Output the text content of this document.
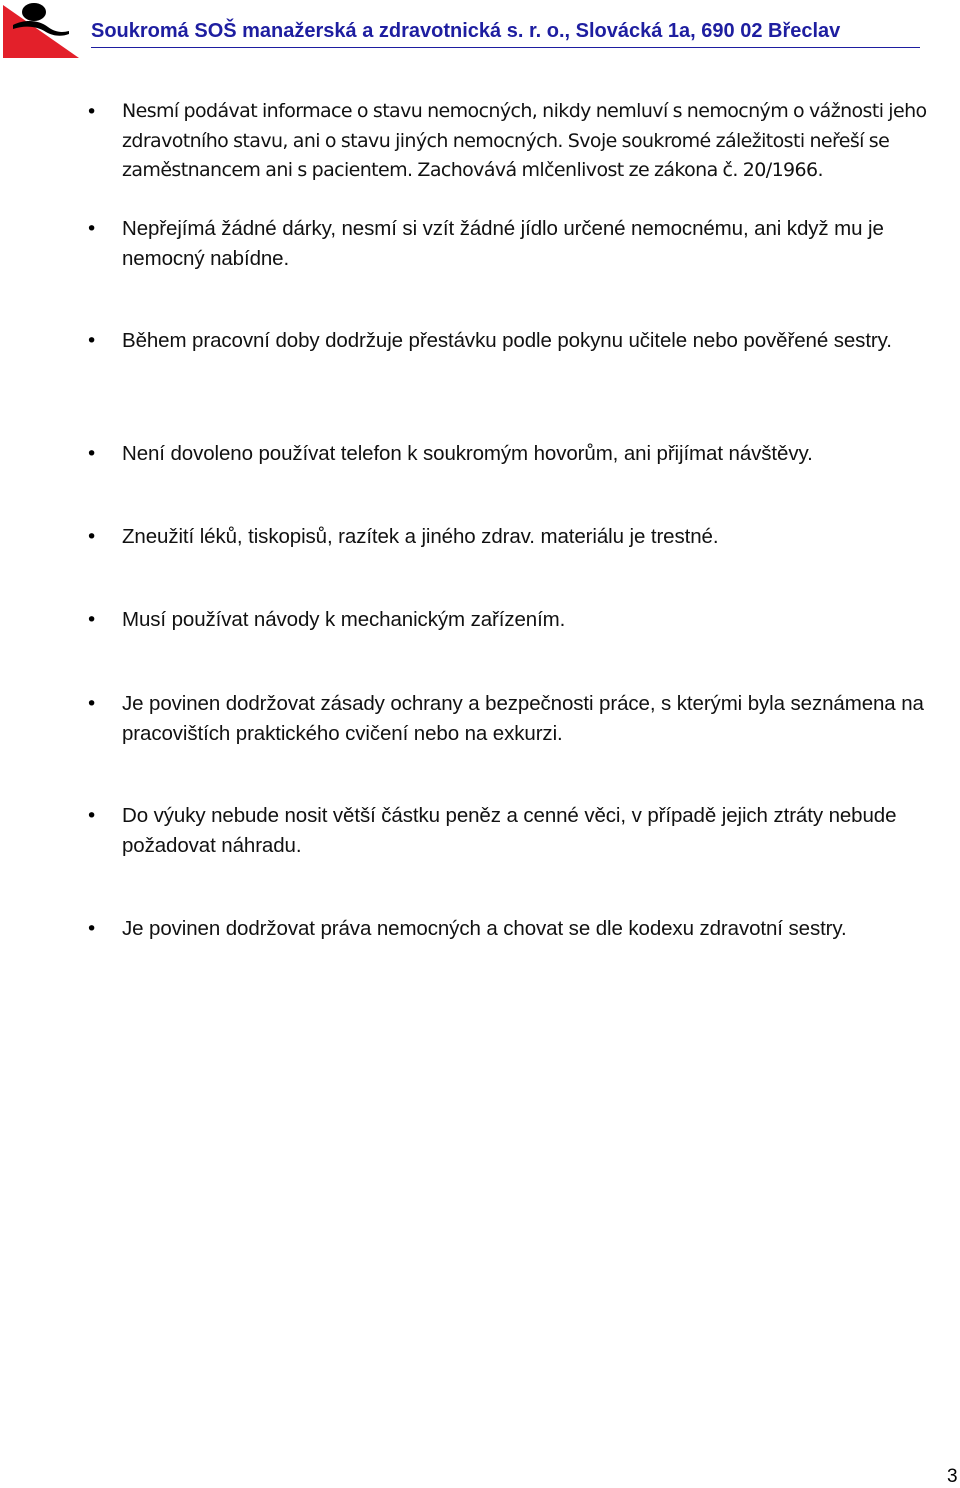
Soukromá SOŠ manažerská a zdravotnická s. r. o., Slovácká 1a, 690 02 Břeclav
• Nesmí podávat informace o stavu nemocných, nikdy nemluví s nemocným o vážnosti jeho zdravotního stavu, ani o stavu jiných nemocných. Svoje soukromé záležitosti neřeší se zaměstnancem ani s pacientem. Zachovává mlčenlivost ze zákona č. 20/1966.
• Nepřejímá žádné dárky, nesmí si vzít žádné jídlo určené nemocnému, ani když mu je nemocný nabídne.
• Během pracovní doby dodržuje přestávku podle pokynu učitele nebo pověřené sestry.
• Není dovoleno používat telefon k soukromým hovorům, ani přijímat návštěvy.
• Zneužití léků, tiskopisů, razítek a jiného zdrav. materiálu je trestné.
• Musí používat návody k mechanickým zařízením.
• Je povinen dodržovat zásady ochrany a bezpečnosti práce, s kterými byla seznámena na pracovištích praktického cvičení nebo na exkurzi.
• Do výuky nebude nosit větší částku peněz a cenné věci, v případě jejich ztráty nebude požadovat náhradu.
• Je povinen dodržovat práva nemocných a chovat se dle kodexu zdravotní sestry.
3
